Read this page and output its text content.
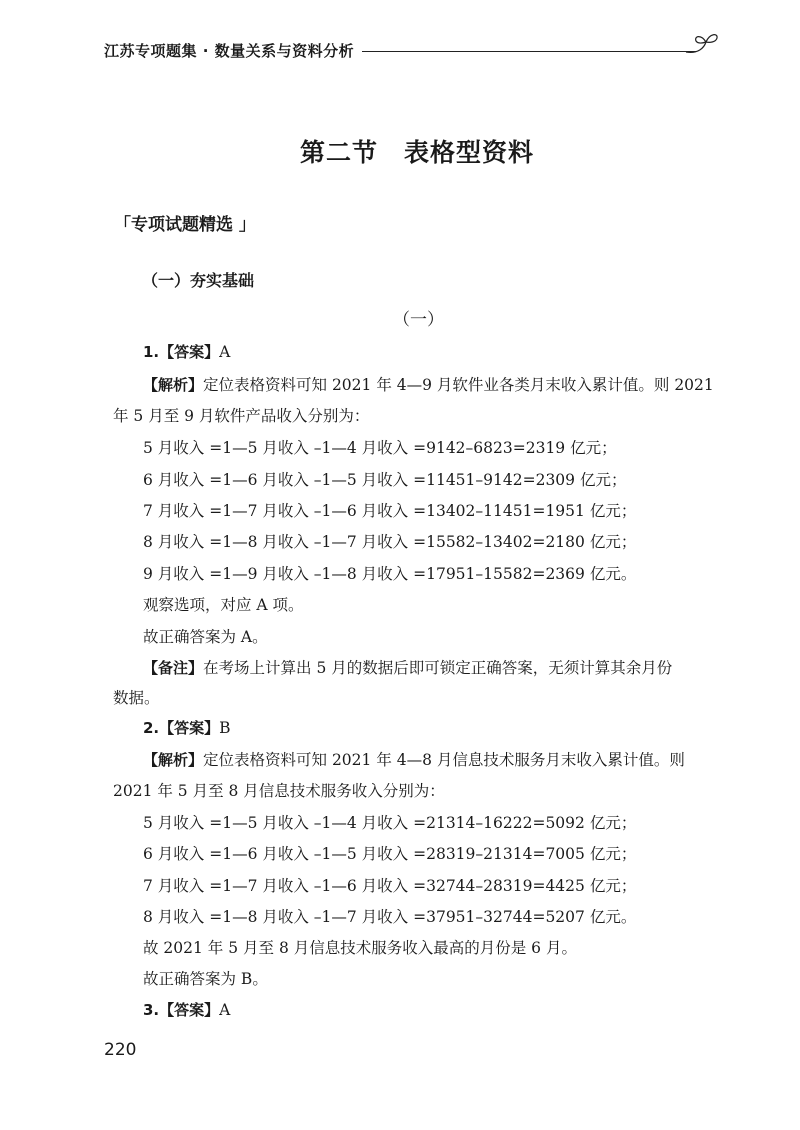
江苏专项题集 · 数量关系与资料分析
第二节　表格型资料
「专项试题精选 」
（一）夯实基础
（一）
1.【答案】A
【解析】定位表格资料可知 2021 年 4—9 月软件业各类月末收入累计值。则 2021
年 5 月至 9 月软件产品收入分别为：
5 月收入 =1—5 月收入 –1—4 月收入 =9142–6823=2319 亿元；
6 月收入 =1—6 月收入 –1—5 月收入 =11451–9142=2309 亿元；
7 月收入 =1—7 月收入 –1—6 月收入 =13402–11451=1951 亿元；
8 月收入 =1—8 月收入 –1—7 月收入 =15582–13402=2180 亿元；
9 月收入 =1—9 月收入 –1—8 月收入 =17951–15582=2369 亿元。
观察选项，对应 A 项。
故正确答案为 A。
【备注】在考场上计算出 5 月的数据后即可锁定正确答案，无须计算其余月份
数据。
2.【答案】B
【解析】定位表格资料可知 2021 年 4—8 月信息技术服务月末收入累计值。则
2021 年 5 月至 8 月信息技术服务收入分别为：
5 月收入 =1—5 月收入 –1—4 月收入 =21314–16222=5092 亿元；
6 月收入 =1—6 月收入 –1—5 月收入 =28319–21314=7005 亿元；
7 月收入 =1—7 月收入 –1—6 月收入 =32744–28319=4425 亿元；
8 月收入 =1—8 月收入 –1—7 月收入 =37951–32744=5207 亿元。
故 2021 年 5 月至 8 月信息技术服务收入最高的月份是 6 月。
故正确答案为 B。
3.【答案】A
220
